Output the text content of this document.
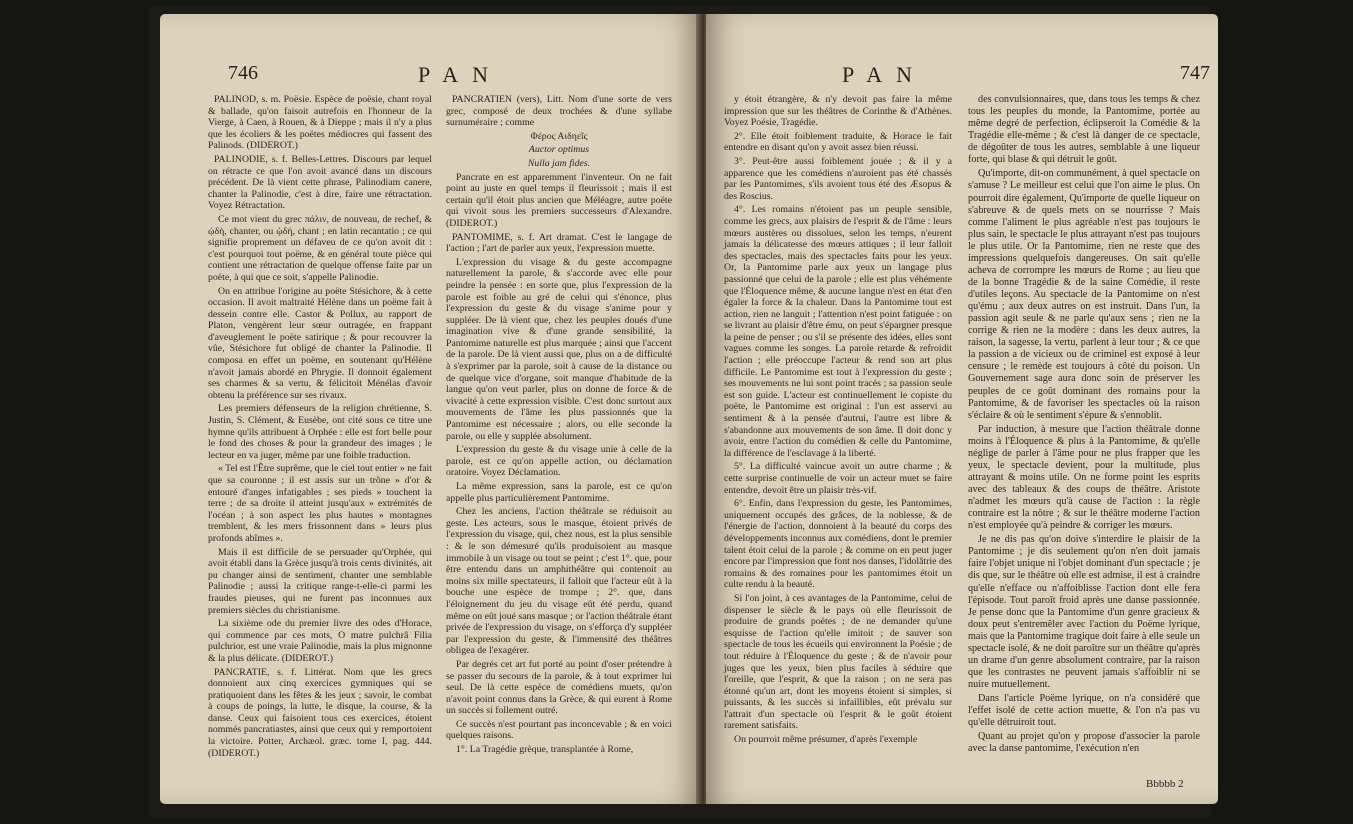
746	PAN

PALINOD, s. m. Poësie. Espèce de poësie, chant royal & ballade, qu'on faisoit autrefois en l'honneur de la Vierge, à Caen, à Rouen, & à Dieppe ; mais il n'y a plus que les écoliers & les poëtes médiocres qui fassent des Palinods. (DIDEROT.)

PALINODIE, s. f. Belles-Lettres. Discours par lequel on rétracte ce que l'on avoit avancé dans un discours précédent. De là vient cette phrase, Palinodiam canere, chanter la Palinodie, c'est à dire, faire une rétractation. Voyez Rétractation.

Ce mot vient du grec πάλιν, de nouveau, de rechef, & ᾠδὴ, chanter, ou ᾠδή, chant ; en latin recantatio ; ce qui signifie proprement un défaveu de ce qu'on avoit dit : c'est pourquoi tout poëme, & en général toute pièce qui contient une rétractation de quelque offense faite par un poëte, à qui que ce soit, s'appelle Palinodie.

On en attribue l'origine au poëte Stésichore, & à cette occasion. Il avoit maltraité Hélène dans un poëme fait à dessein contre elle. Castor & Pollux, au rapport de Platon, vengèrent leur sœur outragée, en frappant d'aveuglement le poëte satirique ; & pour recouvrer la vûe, Stésichore fut obligé de chanter la Palinodie. Il composa en effet un poëme, en soutenant qu'Hélène n'avoit jamais abordé en Phrygie. Il donnoit également ses charmes & sa vertu, & félicitoit Ménélas d'avoir obtenu la préférence sur ses rivaux.

Les premiers défenseurs de la religion chrétienne, S. Justin, S. Clément, & Eusèbe, ont cité sous ce titre une hymne qu'ils attribuent à Orphée : elle est fort belle pour le fond des choses & pour la grandeur des images ; le lecteur en va juger, même par une foible traduction.

« Tel est l'Être suprême, que le ciel tout entier » ne fait que sa couronne ; il est assis sur un trône » d'or & entouré d'anges infatigables ; ses pieds » touchent la terre ; de sa droite il atteint jusqu'aux » extrémités de l'océan ; à son aspect les plus hautes » montagnes tremblent, & les mers frissonnent dans » leurs plus profonds abîmes ».

Mais il est difficile de se persuader qu'Orphée, qui avoit établi dans la Grèce jusqu'à trois cents divinités, ait pu changer ainsi de sentiment, chanter une semblable Palinodie ; aussi la critique range-t-elle-ci parmi les fraudes pieuses, qui ne furent pas inconnues aux premiers siècles du christianisme.

La sixième ode du premier livre des odes d'Horace, qui commence par ces mots, O matre pulchrâ Filia pulchrior, est une vraie Palinodie, mais la plus mignonne & la plus délicate. (DIDEROT.)

PANCRATIE, s. f. Littérat. Nom que les grecs donnoient aux cinq exercices gymniques qui se pratiquoient dans les fêtes & les jeux ; savoir, le combat à coups de poings, la lutte, le disque, la course, & la danse. Ceux qui faisoient tous ces exercices, étoient nommés pancratiastes, ainsi que ceux qui y remportoient la victoire. Potter, Archæol. græc. tome I, pag. 444. (DIDEROT.)

PANCRATIEN (vers), Litt. Nom d'une sorte de vers grec, composé de deux trochées & d'une syllabe surnuméraire ; comme

Φέρος Αιδηεῖς

Auctor optimus

Nulla jam fides.

Pancrate en est apparemment l'inventeur. On ne fait point au juste en quel temps il fleurissoit ; mais il est certain qu'il étoit plus ancien que Méléagre, autre poëte qui vivoit sous les premiers successeurs d'Alexandre. (DIDEROT.)

PANTOMIME, s. f. Art dramat. C'est le langage de l'action ; l'art de parler aux yeux, l'expression muette.

L'expression du visage & du geste accompagne naturellement la parole, & s'accorde avec elle pour peindre la pensée : en sorte que, plus l'expression de la parole est foible au gré de celui qui s'énonce, plus l'expression du geste & du visage s'anime pour y suppléer. De là vient que, chez les peuples doués d'une imagination vive & d'une grande sensibilité, la Pantomime naturelle est plus marquée ; ainsi que l'accent de la parole. De là vient aussi que, plus on a de difficulté à s'exprimer par la parole, soit à cause de la distance ou de quelque vice d'organe, soit manque d'habitude de la langue qu'on veut parler, plus on donne de force & de vivacité à cette expression visible. C'est donc surtout aux mouvements de l'âme les plus passionnés que la Pantomime est nécessaire ; alors, ou elle seconde la parole, ou elle y supplée absolument.

L'expression du geste & du visage unie à celle de la parole, est ce qu'on appelle action, ou déclamation oratoire. Voyez Déclamation.

La même expression, sans la parole, est ce qu'on appelle plus particulièrement Pantomime.

Chez les anciens, l'action théâtrale se réduisoit au geste. Les acteurs, sous le masque, étoient privés de l'expression du visage, qui, chez nous, est la plus sensible : & le son démesuré qu'ils produisoient au masque immobile à un visage ou tout se peint ; c'est 1°. que, pour être entendu dans un amphithéâtre qui contenoit au moins six mille spectateurs, il falloit que l'acteur eût à la bouche une espèce de trompe ; 2°. que, dans l'éloignement du jeu du visage eût été perdu, quand même on eût joué sans masque ; or l'action théâtrale étant privée de l'expression du visage, on s'efforça d'y suppléer par l'expression du geste, & l'immensité des théâtres obligea de l'exagérer.

Par degrés cet art fut porté au point d'oser prétendre à se passer du secours de la parole, & à tout exprimer lui seul. De là cette espèce de comédiens muets, qu'on n'avoit point connus dans la Grèce, & qui eurent à Rome un succès si follement outré.

Ce succès n'est pourtant pas inconcevable ; & en voici quelques raisons.

1°. La Tragédie grèque, transplantée à Rome,

PAN	747

y étoit étrangère, & n'y devoit pas faire la même impression que sur les théâtres de Corinthe & d'Athènes. Voyez Poésie, Tragédie.

2°. Elle étoit foiblement traduite, & Horace le fait entendre en disant qu'on y avoit assez bien réussi.

3°. Peut-être aussi foiblement jouée ; & il y a apparence que les comédiens n'auroient pas été chassés par les Pantomimes, s'ils avoient tous été des Æsopus & des Roscius.

4°. Les romains n'étoient pas un peuple sensible, comme les grecs, aux plaisirs de l'esprit & de l'âme : leurs mœurs austères ou dissolues, selon les temps, n'eurent jamais la délicatesse des mœurs attiques ; il leur falloit des spectacles, mais des spectacles faits pour les yeux. Or, la Pantomime parle aux yeux un langage plus passionné que celui de la parole ; elle est plus véhémente que l'Éloquence même, & aucune langue n'est en état d'en égaler la force & la chaleur. Dans la Pantomime tout est action, rien ne languit ; l'attention n'est point fatiguée : on se livrant au plaisir d'être ému, on peut s'épargner presque la peine de penser ; ou s'il se présente des idées, elles sont vagues comme les songes. La parole retarde & refroidit l'action ; elle préoccupe l'acteur & rend son art plus difficile. Le Pantomime est tout à l'expression du geste ; ses mouvements ne lui sont point tracés ; sa passion seule est son guide. L'acteur est continuellement le copiste du poëte, le Pantomime est original : l'un est asservi au sentiment & à la pensée d'autrui, l'autre est libre & s'abandonne aux mouvements de son âme. Il doit donc y avoir, entre l'action du comédien & celle du Pantomime, la différence de l'esclavage à la liberté.

5°. La difficulté vaincue avoit un autre charme ; & cette surprise continuelle de voir un acteur muet se faire entendre, devoit être un plaisir très-vif.

6°. Enfin, dans l'expression du geste, les Pantomimes, uniquement occupés des grâces, de la noblesse, & de l'énergie de l'action, donnoient à la beauté du corps des développements inconnus aux comédiens, dont le premier talent étoit celui de la parole ; & comme on en peut juger encore par l'impression que font nos danses, l'idolâtrie des romains & des romaines pour les pantomimes étoit un culte rendu à la beauté.

Si l'on joint, à ces avantages de la Pantomime, celui de dispenser le siècle & le pays où elle fleurissoit de produire de grands poëtes ; de ne demander qu'une esquisse de l'action qu'elle imitoit ; de sauver son spectacle de tous les écueils qui environnent la Poésie ; de tout réduire à l'Éloquence du geste ; & de n'avoir pour juges que les yeux, bien plus faciles à séduire que l'oreille, que l'esprit, & que la raison ; on ne sera pas étonné qu'un art, dont les moyens étoient si simples, si puissants, & les succès si infaillibles, eût prévalu sur l'attrait d'un spectacle où l'esprit & le goût étoient rarement satisfaits.

On pourroit même présumer, d'après l'exemple

des convulsionnaires, que, dans tous les temps & chez tous les peuples du monde, la Pantomime, portée au même degré de perfection, éclipseroit la Comédie & la Tragédie elle-même ; & c'est là danger de ce spectacle, de dégoûter de tous les autres, semblable à une liqueur forte, qui blase & qui détruit le goût.

Qu'importe, dit-on communément, à quel spectacle on s'amuse ? Le meilleur est celui que l'on aime le plus. On pourroit dire également, Qu'importe de quelle liqueur on s'abreuve & de quels mets on se nourrisse ? Mais comme l'aliment le plus agréable n'est pas toujours le plus sain, le spectacle le plus attrayant n'est pas toujours le plus utile. Or la Pantomime, rien ne reste que des impressions quelquefois dangereuses. On sait qu'elle acheva de corrompre les mœurs de Rome ; au lieu que de la bonne Tragédie & de la saine Comédie, il reste d'utiles leçons. Au spectacle de la Pantomime on n'est qu'ému ; aux deux autres on est instruit. Dans l'un, la passion agit seule & ne parle qu'aux sens ; rien ne la corrige & rien ne la modère : dans les deux autres, la raison, la sagesse, la vertu, parlent à leur tour ; & ce que la passion a de vicieux ou de criminel est exposé à leur censure ; le remède est toujours à côté du poison. Un Gouvernement sage aura donc soin de préserver les peuples de ce goût dominant des romains pour la Pantomime, & de favoriser les spectacles où la raison s'éclaire & où le sentiment s'épure & s'ennoblit.

Par induction, à mesure que l'action théâtrale donne moins à l'Éloquence & plus à la Pantomime, & qu'elle néglige de parler à l'âme pour ne plus frapper que les yeux, le spectacle devient, pour la multitude, plus attrayant & moins utile. On ne forme point les esprits avec des tableaux & des coups de théâtre. Aristote n'admet les mœurs qu'à cause de l'action : la règle contraire est la nôtre ; & sur le théâtre moderne l'action n'est employée qu'à peindre & corriger les mœurs.

Je ne dis pas qu'on doive s'interdire le plaisir de la Pantomime ; je dis seulement qu'on n'en doit jamais faire l'objet unique ni l'objet dominant d'un spectacle ; je dis que, sur le théâtre où elle est admise, il est à craindre qu'elle n'efface ou n'affoiblisse l'action dont elle fera l'épisode. Tout paroît froid après une danse passionnée. Je pense donc que la Pantomime d'un genre gracieux & doux peut s'entremêler avec l'action du Poëme lyrique, mais que la Pantomime tragique doit faire à elle seule un spectacle isolé, & ne doit paroître sur un théâtre qu'après un drame d'un genre absolument contraire, par la raison que les contrastes ne peuvent jamais s'affoiblir ni se nuire mutuellement.

Dans l'article Poëme lyrique, on n'a considéré que l'effet isolé de cette action muette, & l'on n'a pas vu qu'elle détruiroit tout.

Quant au projet qu'on y propose d'associer la parole avec la danse pantomime, l'exécution n'en

Bbbbb 2
